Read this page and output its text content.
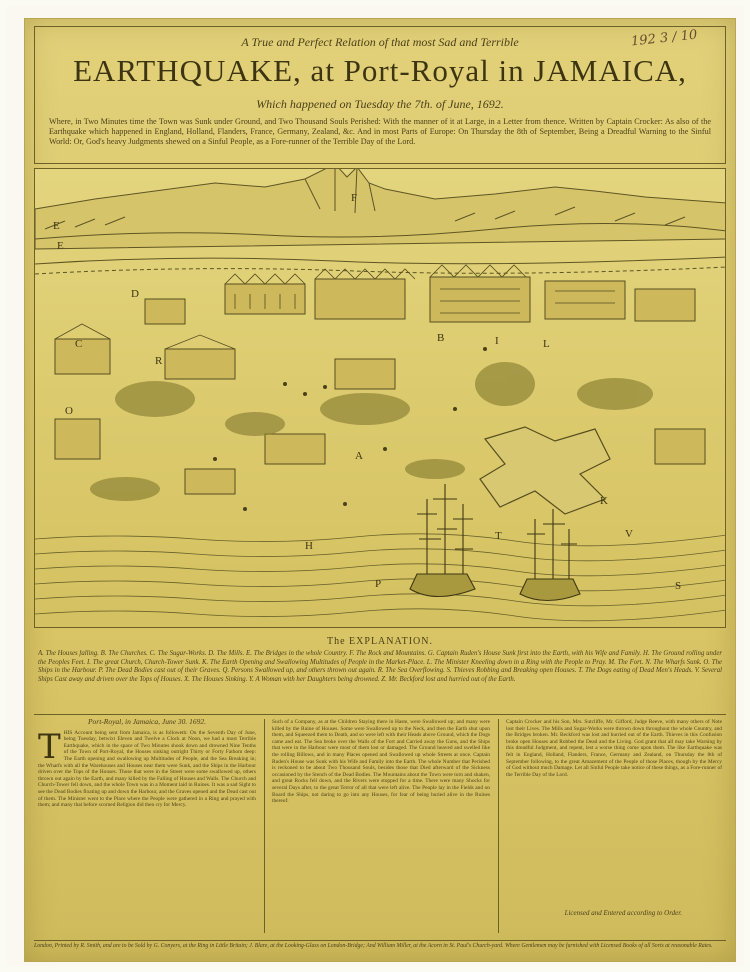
A True and Perfect Relation of that most Sad and Terrible
EARTHQUAKE, at Port-Royal in JAMAICA,
Which happened on Tuesday the 7th. of June, 1692.
Where, in Two Minutes time the Town was Sunk under Ground, and Two Thousand Souls Perished: With the manner of it at Large, in a Letter from thence. Written by Captain Crocker: As also of the Earthquake which happened in England, Holland, Flanders, France, Germany, Zealand, &c. And in most Parts of Europe: On Thursday the 8th of September, Being a Dreadful Warning to the Sinful World: Or, God's heavy Judgments shewed on a Sinful People, as a Fore-runner of the Terrible Day of the Lord.
192 3 / 10
F
E
E
D
C
R
O
A
B
K
I	L
V
S
H
T
P
The EXPLANATION.
A. The Houses falling. B. The Churches. C. The Sugar-Works. D. The Mills. E. The Bridges in the whole Country. F. The Rock and Mountains. G. Captain Ruden's House Sunk first into the Earth, with his Wife and Family. H. The Ground rolling under the Peoples Feet. I. The great Church, Church-Tower Sunk. K. The Earth Opening and Swallowing Multitudes of People in the Market-Place. L. The Minister Kneeling down in a Ring with the People to Pray. M. The Fort. N. The Wharfs Sunk. O. The Ships in the Harbour. P. The Dead Bodies cast out of their Graves. Q. Persons Swallowed up, and others thrown out again. R. The Sea Overflowing. S. Thieves Robbing and Breaking open Houses. T. The Dogs eating of Dead Men's Heads. V. Several Ships Cast away and driven over the Tops of Houses. X. The Houses Sinking. Y. A Woman with her Daughters being drowned. Z. Mr. Beckford lost and hurried out of the Earth.
Port-Royal, in Jamaica, June 30. 1692.
T HIS Account being sent from Jamaica, is as followeth: On the Seventh Day of June, being Tuesday, betwixt Eleven and Twelve a Clock at Noon, we had a most Terrible Earthquake, which in the space of Two Minutes shook down and drowned Nine Tenths of the Town of Port-Royal, the Houses sinking outright Thirty or Forty Fathom deep: The Earth opening and swallowing up Multitudes of People, and the Sea Breaking in; the Wharfs with all the Warehouses and Houses near them were Sunk, and the Ships in the Harbour driven over the Tops of the Houses. Those that were in the Street were some swallowed up, others thrown out again by the Earth, and many killed by the Falling of Houses and Walls. The Church and Church-Tower fell down, and the whole Town was in a Moment laid in Ruines. It was a sad Sight to see the Dead Bodies floating up and down the Harbour, and the Graves opened and the Dead cast out of them. The Minister went to the Place where the People were gathered in a Ring and prayed with them; and many that before scorned Religion did then cry for Mercy.
Such of a Company, as at the Children Staying there in Haste, were Swallowed up; and many were killed by the Ruine of Houses. Some were Swallowed up to the Neck, and then the Earth shut upon them, and Squeezed them to Death, and so were left with their Heads above Ground, which the Dogs came and eat. The Sea broke over the Walls of the Fort and Carried away the Guns, and the Ships that were in the Harbour were most of them lost or damaged. The Ground heaved and swelled like the rolling Billows, and in many Places opened and Swallowed up whole Streets at once. Captain Ruden's House was Sunk with his Wife and Family into the Earth. The whole Number that Perished is reckoned to be about Two Thousand Souls, besides those that Died afterward of the Sickness occasioned by the Stench of the Dead Bodies. The Mountains about the Town were torn and shaken, and great Rocks fell down, and the Rivers were stopped for a time. There were many Shocks for several Days after, to the great Terror of all that were left alive. The People lay in the Fields and on Board the Ships, not daring to go into any Houses, for fear of being buried alive in the Ruines thereof.
Captain Crocker and his Son, Mrs. Sutcliffe, Mr. Gifford, Judge Reeve, with many others of Note lost their Lives. The Mills and Sugar-Works were thrown down throughout the whole Country, and the Bridges broken. Mr. Beckford was lost and hurried out of the Earth. Thieves in this Confusion broke open Houses and Robbed the Dead and the Living. God grant that all may take Warning by this dreadful Judgment, and repent, lest a worse thing come upon them. The like Earthquake was felt in England, Holland, Flanders, France, Germany and Zealand, on Thursday the 8th of September following, to the great Amazement of the People of those Places, though by the Mercy of God without much Damage. Let all Sinful People take notice of these things, as a Fore-runner of the Terrible Day of the Lord.
Licensed and Entered according to Order.
London, Printed by R. Smith, and are to be Sold by G. Conyers, at the Ring in Little Britain; J. Blare, at the Looking-Glass on London-Bridge; And William Miller, at the Acorn in St. Paul's Church-yard. Where Gentlemen may be furnished with Licensed Books of all Sorts at reasonable Rates.
